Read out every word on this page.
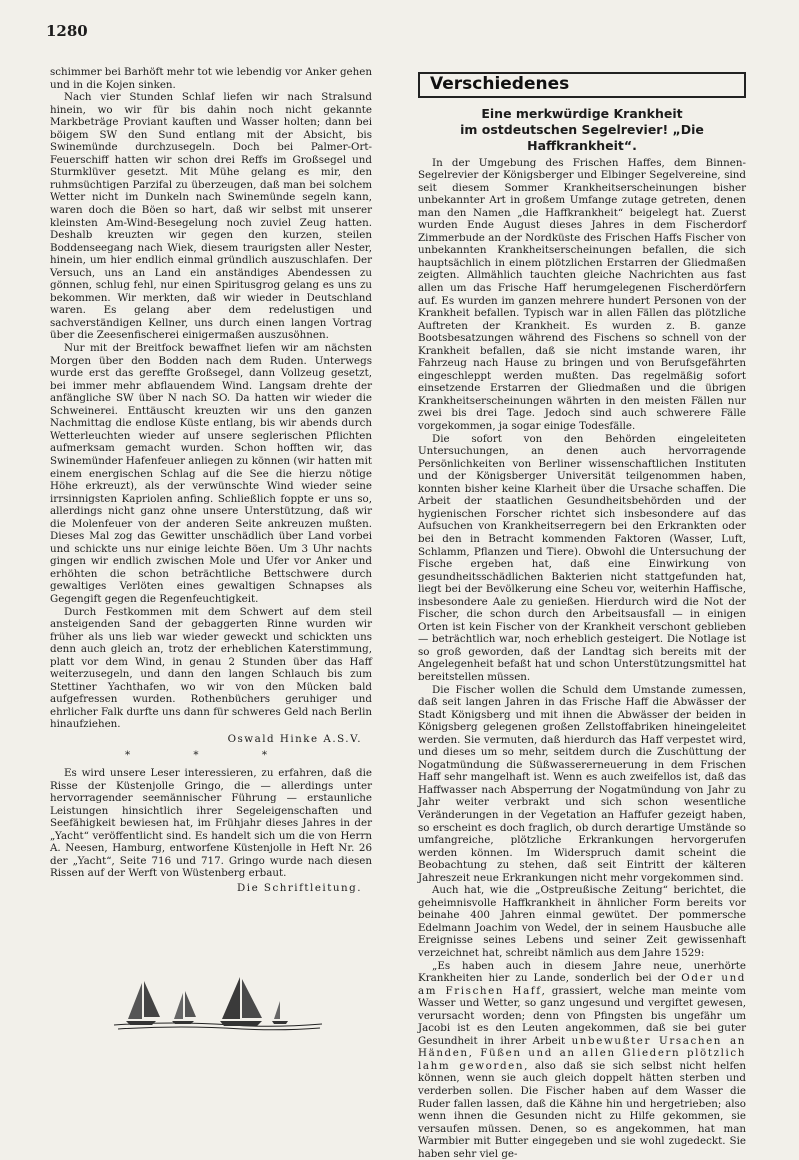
1280

schimmer bei Barhöft mehr tot wie lebendig vor Anker gehen und in die Kojen sinken.

Nach vier Stunden Schlaf liefen wir nach Stralsund hinein, wo wir für bis dahin noch nicht gekannte Markbeträge Proviant kauften und Wasser holten; dann bei böigem SW den Sund entlang mit der Absicht, bis Swinemünde durchzusegeln. Doch bei Palmer-Ort-Feuerschiff hatten wir schon drei Reffs im Großsegel und Sturmklüver gesetzt. Mit Mühe gelang es mir, den ruhmsüchtigen Parzifal zu überzeugen, daß man bei solchem Wetter nicht im Dunkeln nach Swinemünde segeln kann, waren doch die Böen so hart, daß wir selbst mit unserer kleinsten Am-Wind-Besegelung noch zuviel Zeug hatten. Deshalb kreuzten wir gegen den kurzen, steilen Boddenseegang nach Wiek, diesem traurigsten aller Nester, hinein, um hier endlich einmal gründlich auszuschlafen. Der Versuch, uns an Land ein anständiges Abendessen zu gönnen, schlug fehl, nur einen Spiritusgrog gelang es uns zu bekommen. Wir merkten, daß wir wieder in Deutschland waren. Es gelang aber dem redelustigen und sachverständigen Kellner, uns durch einen langen Vortrag über die Zeesenfischerei einigermaßen auszusöhnen.

Nur mit der Breitfock bewaffnet liefen wir am nächsten Morgen über den Bodden nach dem Ruden. Unterwegs wurde erst das gereffte Großsegel, dann Vollzeug gesetzt, bei immer mehr abflauendem Wind. Langsam drehte der anfängliche SW über N nach SO. Da hatten wir wieder die Schweinerei. Enttäuscht kreuzten wir uns den ganzen Nachmittag die endlose Küste entlang, bis wir abends durch Wetterleuchten wieder auf unsere seglerischen Pflichten aufmerksam gemacht wurden. Schon hofften wir, das Swinemünder Hafenfeuer anliegen zu können (wir hatten mit einem energischen Schlag auf die See die hierzu nötige Höhe erkreuzt), als der verwünschte Wind wieder seine irrsinnigsten Kapriolen anfing. Schließlich foppte er uns so, allerdings nicht ganz ohne unsere Unterstützung, daß wir die Molenfeuer von der anderen Seite ankreuzen mußten. Dieses Mal zog das Gewitter unschädlich über Land vorbei und schickte uns nur einige leichte Böen. Um 3 Uhr nachts gingen wir endlich zwischen Mole und Ufer vor Anker und erhöhten die schon beträchtliche Bettschwere durch gewaltiges Verlöten eines gewaltigen Schnapses als Gegengift gegen die Regenfeuchtigkeit.

Durch Festkommen mit dem Schwert auf dem steil ansteigenden Sand der gebaggerten Rinne wurden wir früher als uns lieb war wieder geweckt und schickten uns denn auch gleich an, trotz der erheblichen Katerstimmung, platt vor dem Wind, in genau 2 Stunden über das Haff weiterzusegeln, und dann den langen Schlauch bis zum Stettiner Yachthafen, wo wir von den Mücken bald aufgefressen wurden. Rothenbüchers geruhiger und ehrlicher Falk durfte uns dann für schweres Geld nach Berlin hinaufziehen.

Oswald Hinke A.S.V.
* * *

Es wird unsere Leser interessieren, zu erfahren, daß die Risse der Küstenjolle Gringo, die — allerdings unter hervorragender seemännischer Führung — erstaunliche Leistungen hinsichtlich ihrer Segeleigenschaften und Seefähigkeit bewiesen hat, im Frühjahr dieses Jahres in der „Yacht“ veröffentlicht sind. Es handelt sich um die von Herrn A. Neesen, Hamburg, entworfene Küstenjolle in Heft Nr. 26 der „Yacht“, Seite 716 und 717. Gringo wurde nach diesen Rissen auf der Werft von Wüstenberg erbaut.

Die Schriftleitung.
Verschiedenes
Eine merkwürdige Krankheit
im ostdeutschen Segelrevier! „Die Haffkrankheit“.

In der Umgebung des Frischen Haffes, dem Binnen-Segelrevier der Königsberger und Elbinger Segelvereine, sind seit diesem Sommer Krankheitserscheinungen bisher unbekannter Art in großem Umfange zutage getreten, denen man den Namen „die Haffkrankheit“ beigelegt hat. Zuerst wurden Ende August dieses Jahres in dem Fischerdorf Zimmerbude an der Nordküste des Frischen Haffs Fischer von unbekannten Krankheitserscheinungen befallen, die sich hauptsächlich in einem plötzlichen Erstarren der Gliedmaßen zeigten. Allmählich tauchten gleiche Nachrichten aus fast allen um das Frische Haff herumgelegenen Fischerdörfern auf. Es wurden im ganzen mehrere hundert Personen von der Krankheit befallen. Typisch war in allen Fällen das plötzliche Auftreten der Krankheit. Es wurden z. B. ganze Bootsbesatzungen während des Fischens so schnell von der Krankheit befallen, daß sie nicht imstande waren, ihr Fahrzeug nach Hause zu bringen und von Berufsgefährten eingeschleppt werden mußten. Das regelmäßig sofort einsetzende Erstarren der Gliedmaßen und die übrigen Krankheitserscheinungen währten in den meisten Fällen nur zwei bis drei Tage. Jedoch sind auch schwerere Fälle vorgekommen, ja sogar einige Todesfälle.

Die sofort von den Behörden eingeleiteten Untersuchungen, an denen auch hervorragende Persönlichkeiten von Berliner wissenschaftlichen Instituten und der Königsberger Universität teilgenommen haben, konnten bisher keine Klarheit über die Ursache schaffen. Die Arbeit der staatlichen Gesundheitsbehörden und der hygienischen Forscher richtet sich insbesondere auf das Aufsuchen von Krankheitserregern bei den Erkrankten oder bei den in Betracht kommenden Faktoren (Wasser, Luft, Schlamm, Pflanzen und Tiere). Obwohl die Untersuchung der Fische ergeben hat, daß eine Einwirkung von gesundheitsschädlichen Bakterien nicht stattgefunden hat, liegt bei der Bevölkerung eine Scheu vor, weiterhin Haffische, insbesondere Aale zu genießen. Hierdurch wird die Not der Fischer, die schon durch den Arbeitsausfall — in einigen Orten ist kein Fischer von der Krankheit verschont geblieben — beträchtlich war, noch erheblich gesteigert. Die Notlage ist so groß geworden, daß der Landtag sich bereits mit der Angelegenheit befaßt hat und schon Unterstützungsmittel hat bereitstellen müssen.

Die Fischer wollen die Schuld dem Umstande zumessen, daß seit langen Jahren in das Frische Haff die Abwässer der Stadt Königsberg und mit ihnen die Abwässer der beiden in Königsberg gelegenen großen Zellstoffabriken hineingeleitet werden. Sie vermuten, daß hierdurch das Haff verpestet wird, und dieses um so mehr, seitdem durch die Zuschüttung der Nogatmündung die Süßwassererneuerung in dem Frischen Haff sehr mangelhaft ist. Wenn es auch zweifellos ist, daß das Haffwasser nach Absperrung der Nogatmündung von Jahr zu Jahr weiter verbrakt und sich schon wesentliche Veränderungen in der Vegetation an Haffufer gezeigt haben, so erscheint es doch fraglich, ob durch derartige Umstände so umfangreiche, plötzliche Erkrankungen hervorgerufen werden können. Im Widerspruch damit scheint die Beobachtung zu stehen, daß seit Eintritt der kälteren Jahreszeit neue Erkrankungen nicht mehr vorgekommen sind.

Auch hat, wie die „Ostpreußische Zeitung“ berichtet, die geheimnisvolle Haffkrankheit in ähnlicher Form bereits vor beinahe 400 Jahren einmal gewütet. Der pommersche Edelmann Joachim von Wedel, der in seinem Hausbuche alle Ereignisse seines Lebens und seiner Zeit gewissenhaft verzeichnet hat, schreibt nämlich aus dem Jahre 1529:

„Es haben auch in diesem Jahre neue, unerhörte Krankheiten hier zu Lande, sonderlich bei der Oder und am Frischen Haff, grassiert, welche man meinte vom Wasser und Wetter, so ganz ungesund und vergiftet gewesen, verursacht worden; denn von Pfingsten bis ungefähr um Jacobi ist es den Leuten angekommen, daß sie bei guter Gesundheit in ihrer Arbeit unbewußter Ursachen an Händen, Füßen und an allen Gliedern plötzlich lahm geworden, also daß sie sich selbst nicht helfen können, wenn sie auch gleich doppelt hätten sterben und verderben sollen. Die Fischer haben auf dem Wasser die Ruder fallen lassen, daß die Kähne hin und hergetrieben; also wenn ihnen die Gesunden nicht zu Hilfe gekommen, sie versaufen müssen. Denen, so es angekommen, hat man Warmbier mit Butter eingegeben und sie wohl zugedeckt. Sie haben sehr viel ge-
